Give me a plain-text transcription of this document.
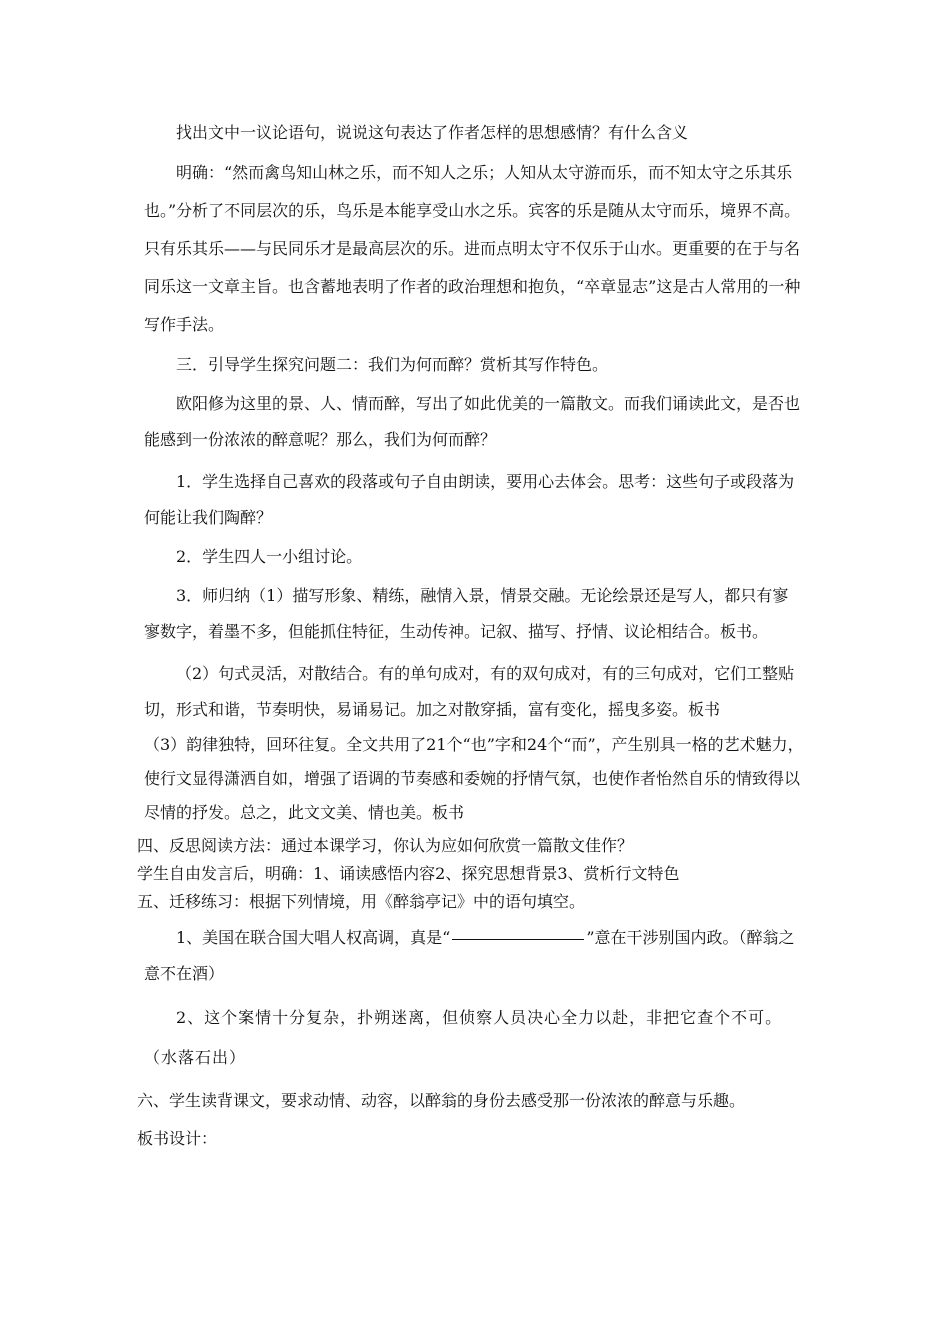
找出文中一议论语句，说说这句表达了作者怎样的思想感情？有什么含义

明确：“然而禽鸟知山林之乐，而不知人之乐；人知从太守游而乐，而不知太守之乐其乐也。”分析了不同层次的乐，鸟乐是本能享受山水之乐。宾客的乐是随从太守而乐，境界不高。只有乐其乐——与民同乐才是最高层次的乐。进而点明太守不仅乐于山水。更重要的在于与名同乐这一文章主旨。也含蓄地表明了作者的政治理想和抱负，“卒章显志”这是古人常用的一种写作手法。

三．引导学生探究问题二：我们为何而醉？赏析其写作特色。

欧阳修为这里的景、人、情而醉，写出了如此优美的一篇散文。而我们诵读此文，是否也能感到一份浓浓的醉意呢？那么，我们为何而醉？

1．学生选择自己喜欢的段落或句子自由朗读，要用心去体会。思考：这些句子或段落为何能让我们陶醉？

2．学生四人一小组讨论。

3．师归纳（1）描写形象、精练，融情入景，情景交融。无论绘景还是写人，都只有寥寥数字，着墨不多，但能抓住特征，生动传神。记叙、描写、抒情、议论相结合。板书。

（2）句式灵活，对散结合。有的单句成对，有的双句成对，有的三句成对，它们工整贴切，形式和谐，节奏明快，易诵易记。加之对散穿插，富有变化，摇曳多姿。板书

（3）韵律独特，回环往复。全文共用了21个“也”字和24个“而”，产生别具一格的艺术魅力，使行文显得潇洒自如，增强了语调的节奏感和委婉的抒情气氛，也使作者怡然自乐的情致得以尽情的抒发。总之，此文文美、情也美。板书

四、反思阅读方法：通过本课学习，你认为应如何欣赏一篇散文佳作？

学生自由发言后，明确：1、诵读感悟内容2、探究思想背景3、赏析行文特色

五、迁移练习：根据下列情境，用《醉翁亭记》中的语句填空。

1、美国在联合国大唱人权高调，真是“	”意在干涉别国内政。（醉翁之意不在酒）

2、这个案情十分复杂，扑朔迷离，但侦察人员决心全力以赴，非把它查个不可。（水落石出）

六、学生读背课文，要求动情、动容，以醉翁的身份去感受那一份浓浓的醉意与乐趣。

板书设计：
